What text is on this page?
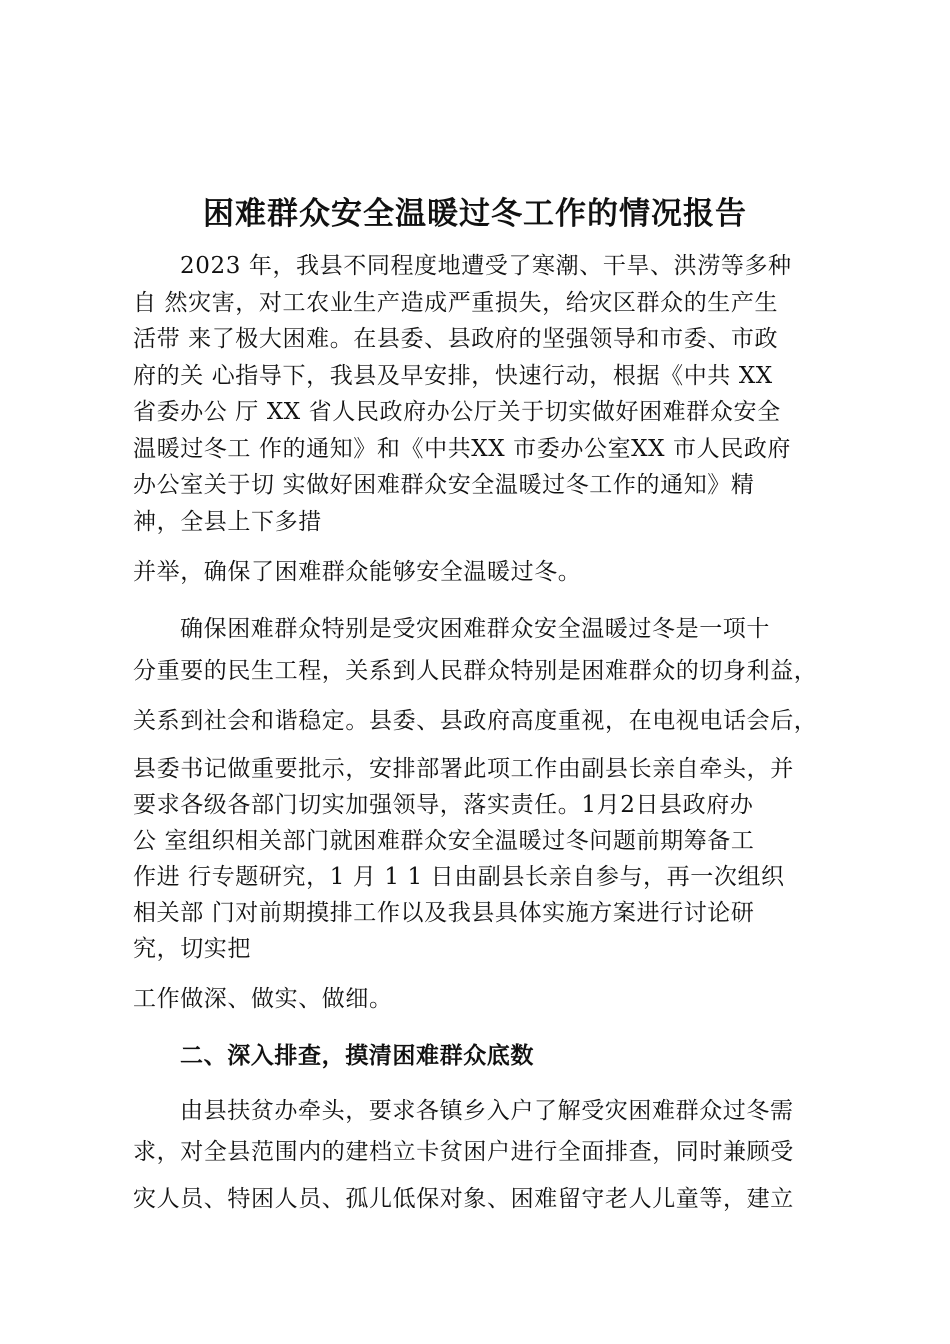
困难群众安全温暖过冬工作的情况报告
2023 年，我县不同程度地遭受了寒潮、干旱、洪涝等多种
自 然灾害，对工农业生产造成严重损失，给灾区群众的生产生
活带 来了极大困难。在县委、县政府的坚强领导和市委、市政
府的关 心指导下，我县及早安排，快速行动，根据《中共 XX
省委办公 厅 XX 省人民政府办公厅关于切实做好困难群众安全
温暖过冬工 作的通知》和《中共XX 市委办公室XX 市人民政府
办公室关于切 实做好困难群众安全温暖过冬工作的通知》精
神，全县上下多措
并举，确保了困难群众能够安全温暖过冬。
确保困难群众特别是受灾困难群众安全温暖过冬是一项十
分重要的民生工程，关系到人民群众特别是困难群众的切身利益，
关系到社会和谐稳定。县委、县政府高度重视，在电视电话会后，
县委书记做重要批示，安排部署此项工作由副县长亲自牵头，并
要求各级各部门切实加强领导，落实责任。1月2日县政府办
公 室组织相关部门就困难群众安全温暖过冬问题前期筹备工
作进 行专题研究，1 月 1 1 日由副县长亲自参与，再一次组织
相关部 门对前期摸排工作以及我县具体实施方案进行讨论研
究，切实把
工作做深、做实、做细。
二、深入排查，摸清困难群众底数
由县扶贫办牵头，要求各镇乡入户了解受灾困难群众过冬需
求，对全县范围内的建档立卡贫困户进行全面排查，同时兼顾受
灾人员、特困人员、孤儿低保对象、困难留守老人儿童等，建立
